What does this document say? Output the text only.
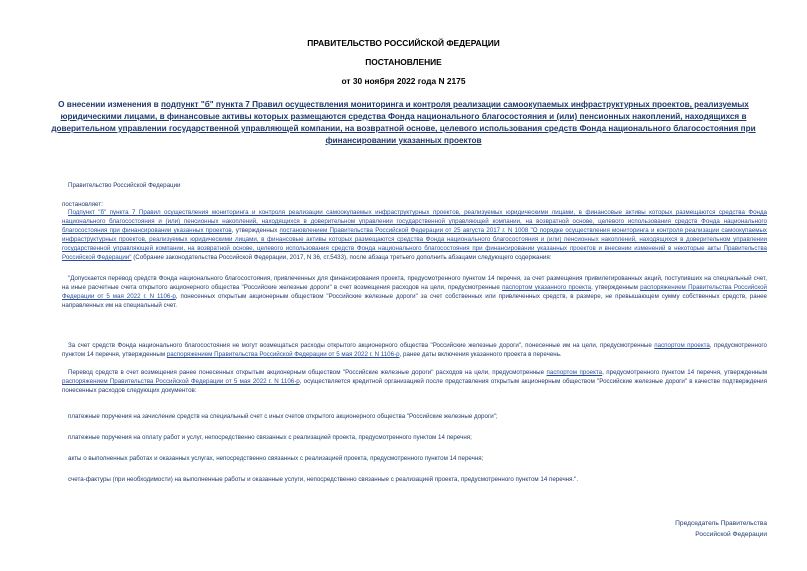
ПРАВИТЕЛЬСТВО РОССИЙСКОЙ ФЕДЕРАЦИИ
ПОСТАНОВЛЕНИЕ
от 30 ноября 2022 года N 2175
О внесении изменения в подпункт "б" пункта 7 Правил осуществления мониторинга и контроля реализации самоокупаемых инфраструктурных проектов, реализуемых юридическими лицами, в финансовые активы которых размещаются средства Фонда национального благосостояния и (или) пенсионных накоплений, находящихся в доверительном управлении государственной управляющей компании, на возвратной основе, целевого использования средств Фонда национального благосостояния при финансировании указанных проектов

Правительство Российской Федерации

постановляет:

Подпункт "б" пункта 7 Правил осуществления мониторинга и контроля реализации самоокупаемых инфраструктурных проектов, реализуемых юридическими лицами, в финансовые активы которых размещаются средства Фонда национального благосостояния и (или) пенсионных накоплений, находящихся в доверительном управлении государственной управляющей компании, на возвратной основе, целевого использования средств Фонда национального благосостояния при финансировании указанных проектов, утвержденных постановлением Правительства Российской Федерации от 25 августа 2017 г. N 1008 "О порядке осуществления мониторинга и контроля реализации самоокупаемых инфраструктурных проектов, реализуемых юридическими лицами, в финансовые активы которых размещаются средства Фонда национального благосостояния и (или) пенсионных накоплений, находящихся в доверительном управлении государственной управляющей компании, на возвратной основе, целевого использования средств Фонда национального благосостояния при финансировании указанных проектов и внесении изменений в некоторые акты Правительства Российской Федерации" (Собрание законодательства Российской Федерации, 2017, N 36, ст.5433), после абзаца третьего дополнить абзацами следующего содержания:

"Допускается перевод средств Фонда национального благосостояния, привлеченных для финансирования проекта, предусмотренного пунктом 14 перечня, за счет размещения привилегированных акций, поступивших на специальный счет, на иные расчетные счета открытого акционерного общества "Российские железные дороги" в счет возмещения расходов на цели, предусмотренные паспортом указанного проекта, утвержденным распоряжением Правительства Российской Федерации от 5 мая 2022 г. N 1106-р, понесенных открытым акционерным обществом "Российские железные дороги" за счет собственных или привлеченных средств, в размере, не превышающем сумму собственных средств, ранее направленных им на специальный счет.

За счет средств Фонда национального благосостояния не могут возмещаться расходы открытого акционерного общества "Российские железные дороги", понесенные им на цели, предусмотренные паспортом проекта, предусмотренного пунктом 14 перечня, утвержденным распоряжением Правительства Российской Федерации от 5 мая 2022 г. N 1106-р, ранее даты включения указанного проекта в перечень.

Перевод средств в счет возмещения ранее понесенных открытым акционерным обществом "Российские железные дороги" расходов на цели, предусмотренные паспортом проекта, предусмотренного пунктом 14 перечня, утвержденным распоряжением Правительства Российской Федерации от 5 мая 2022 г. N 1106-р, осуществляется кредитной организацией после представления открытым акционерным обществом "Российские железные дороги" в качестве подтверждения понесенных расходов следующих документов:

платежные поручения на зачисление средств на специальный счет с иных счетов открытого акционерного общества "Российские железные дороги";

платежные поручения на оплату работ и услуг, непосредственно связанных с реализацией проекта, предусмотренного пунктом 14 перечня;

акты о выполненных работах и оказанных услугах, непосредственно связанных с реализацией проекта, предусмотренного пунктом 14 перечня;

счета-фактуры (при необходимости) на выполненные работы и оказанные услуги, непосредственно связанные с реализацией проекта, предусмотренного пунктом 14 перечня.".

Председатель Правительства
Российской Федерации
